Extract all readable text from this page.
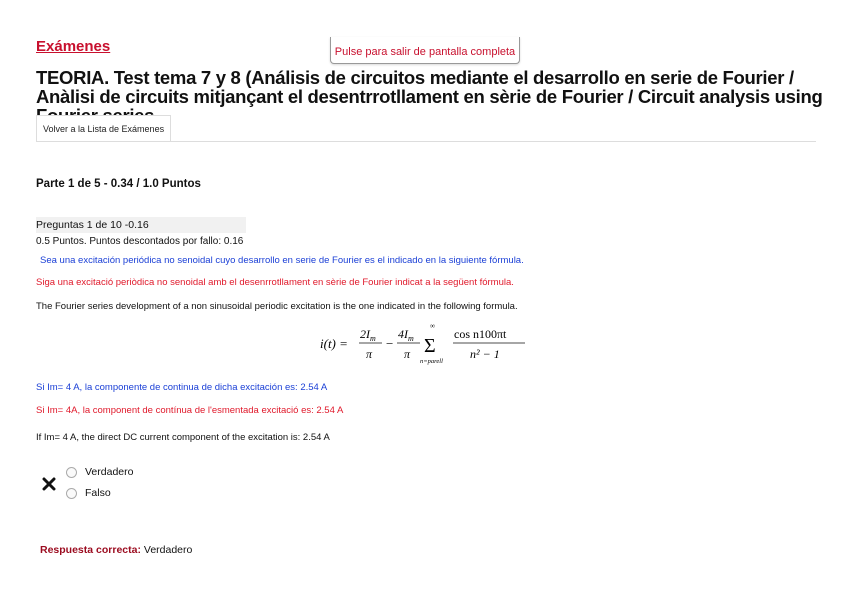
Exámenes	Pulse para salir de pantalla completa
TEORIA. Test tema 7 y 8 (Análisis de circuitos mediante el desarrollo en serie de Fourier / Anàlisi de circuits mitjançant el desentrrotllament en sèrie de Fourier / Circuit analysis using
Volver a la Lista de Exámenes
Parte 1 de 5 - 0.34 / 1.0 Puntos
Preguntas 1 de 10 -0.16
0.5 Puntos. Puntos descontados por fallo: 0.16
Sea una excitación periódica no senoidal cuyo desarrollo en serie de Fourier es el indicado en la siguiente fórmula.
Siga una excitació periòdica no senoidal amb el desenrrotllament en sèrie de Fourier indicat a la següent fórmula.
The Fourier series development of a non sinusoidal periodic excitation is the one indicated in the following formula.
i(t) =
$2I_m$
π
−
$4I_m$
π
∞
Σ
n=parell
cos n100πt
n² − 1
Si Im= 4 A, la componente de continua de dicha excitación es: 2.54 A
Si Im= 4A, la component de contínua de l'esmentada excitació es: 2.54 A
If Im= 4 A, the direct DC current component of the excitation is: 2.54 A
Verdadero
Falso
Respuesta correcta: Verdadero
